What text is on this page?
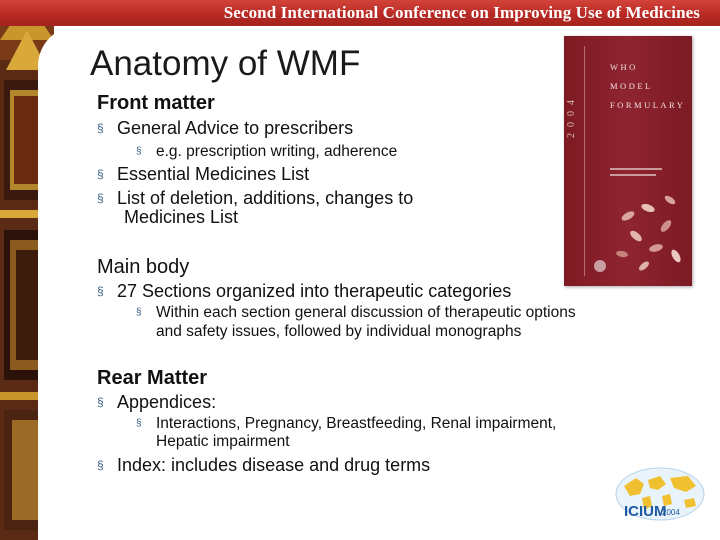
Second International Conference on Improving Use of Medicines
Anatomy of WMF
Front matter
§ General Advice to prescribers
§ e.g. prescription writing, adherence
§ Essential Medicines List
§ List of deletion, additions, changes to
Medicines List
Main body
§ 27 Sections organized into therapeutic categories
§ Within each section general discussion of therapeutic options
and safety issues, followed by individual monographs
Rear Matter
§ Appendices:
§ Interactions, Pregnancy, Breastfeeding, Renal impairment,
Hepatic impairment
§ Index: includes disease and drug terms
2004
WHO
MODEL
FORMULARY
ICIUM
2004
